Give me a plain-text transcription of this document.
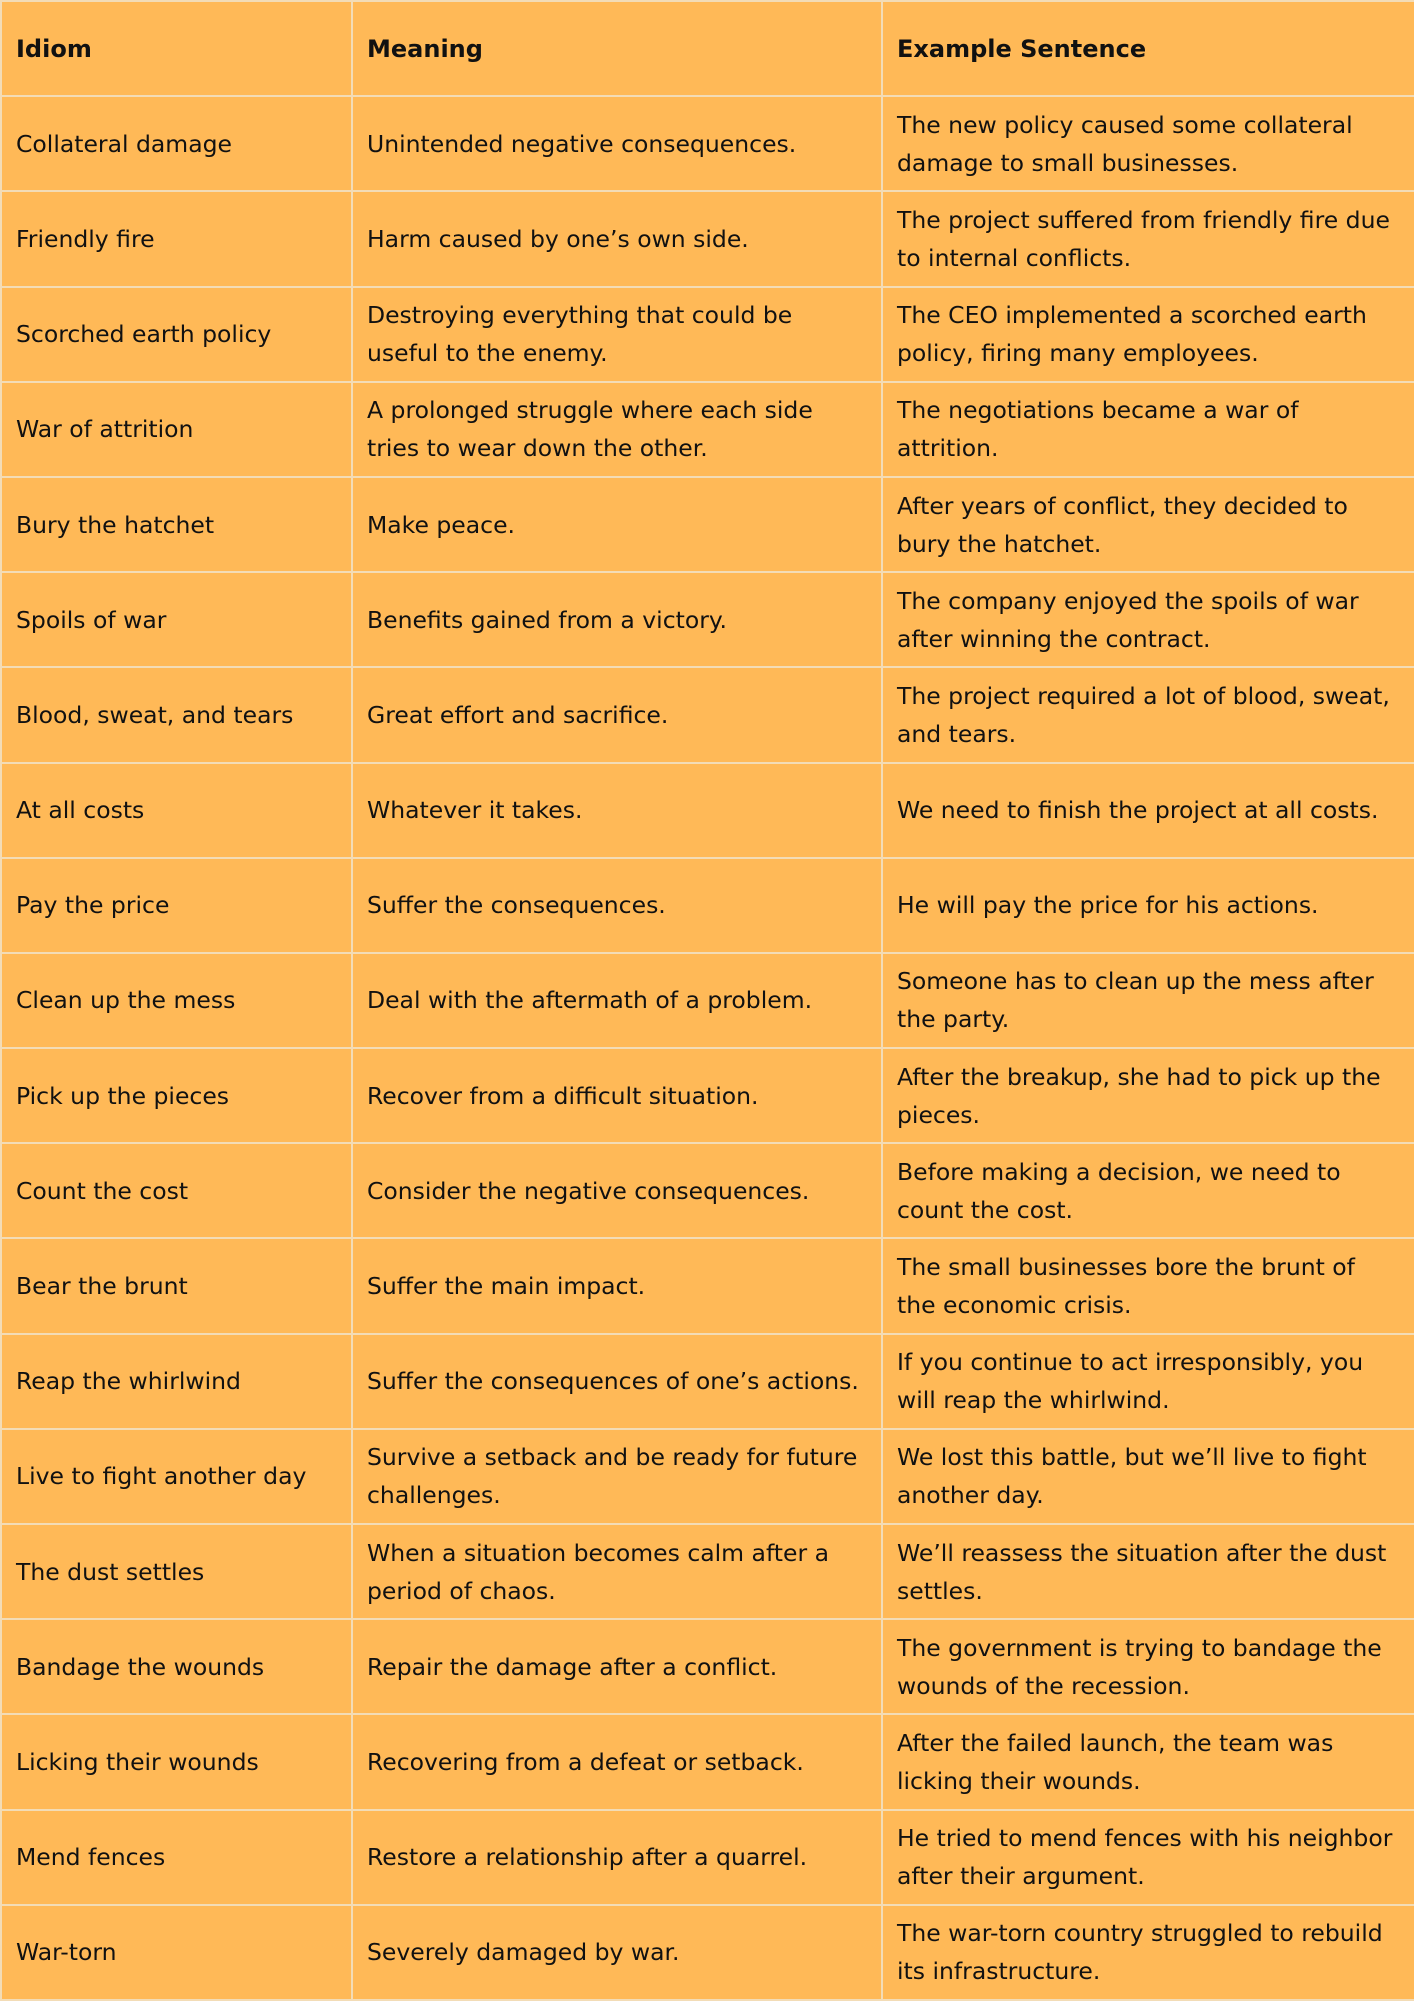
Idiom	Meaning	Example Sentence
Collateral damage	Unintended negative consequences.	The new policy caused some collateral damage to small businesses.
Friendly fire	Harm caused by one’s own side.	The project suffered from friendly fire due to internal conflicts.
Scorched earth policy	Destroying everything that could be useful to the enemy.	The CEO implemented a scorched earth policy, firing many employees.
War of attrition	A prolonged struggle where each side tries to wear down the other.	The negotiations became a war of attrition.
Bury the hatchet	Make peace.	After years of conflict, they decided to bury the hatchet.
Spoils of war	Benefits gained from a victory.	The company enjoyed the spoils of war after winning the contract.
Blood, sweat, and tears	Great effort and sacrifice.	The project required a lot of blood, sweat, and tears.
At all costs	Whatever it takes.	We need to finish the project at all costs.
Pay the price	Suffer the consequences.	He will pay the price for his actions.
Clean up the mess	Deal with the aftermath of a problem.	Someone has to clean up the mess after the party.
Pick up the pieces	Recover from a difficult situation.	After the breakup, she had to pick up the pieces.
Count the cost	Consider the negative consequences.	Before making a decision, we need to count the cost.
Bear the brunt	Suffer the main impact.	The small businesses bore the brunt of the economic crisis.
Reap the whirlwind	Suffer the consequences of one’s actions.	If you continue to act irresponsibly, you will reap the whirlwind.
Live to fight another day	Survive a setback and be ready for future challenges.	We lost this battle, but we’ll live to fight another day.
The dust settles	When a situation becomes calm after a period of chaos.	We’ll reassess the situation after the dust settles.
Bandage the wounds	Repair the damage after a conflict.	The government is trying to bandage the wounds of the recession.
Licking their wounds	Recovering from a defeat or setback.	After the failed launch, the team was licking their wounds.
Mend fences	Restore a relationship after a quarrel.	He tried to mend fences with his neighbor after their argument.
War-torn	Severely damaged by war.	The war-torn country struggled to rebuild its infrastructure.
